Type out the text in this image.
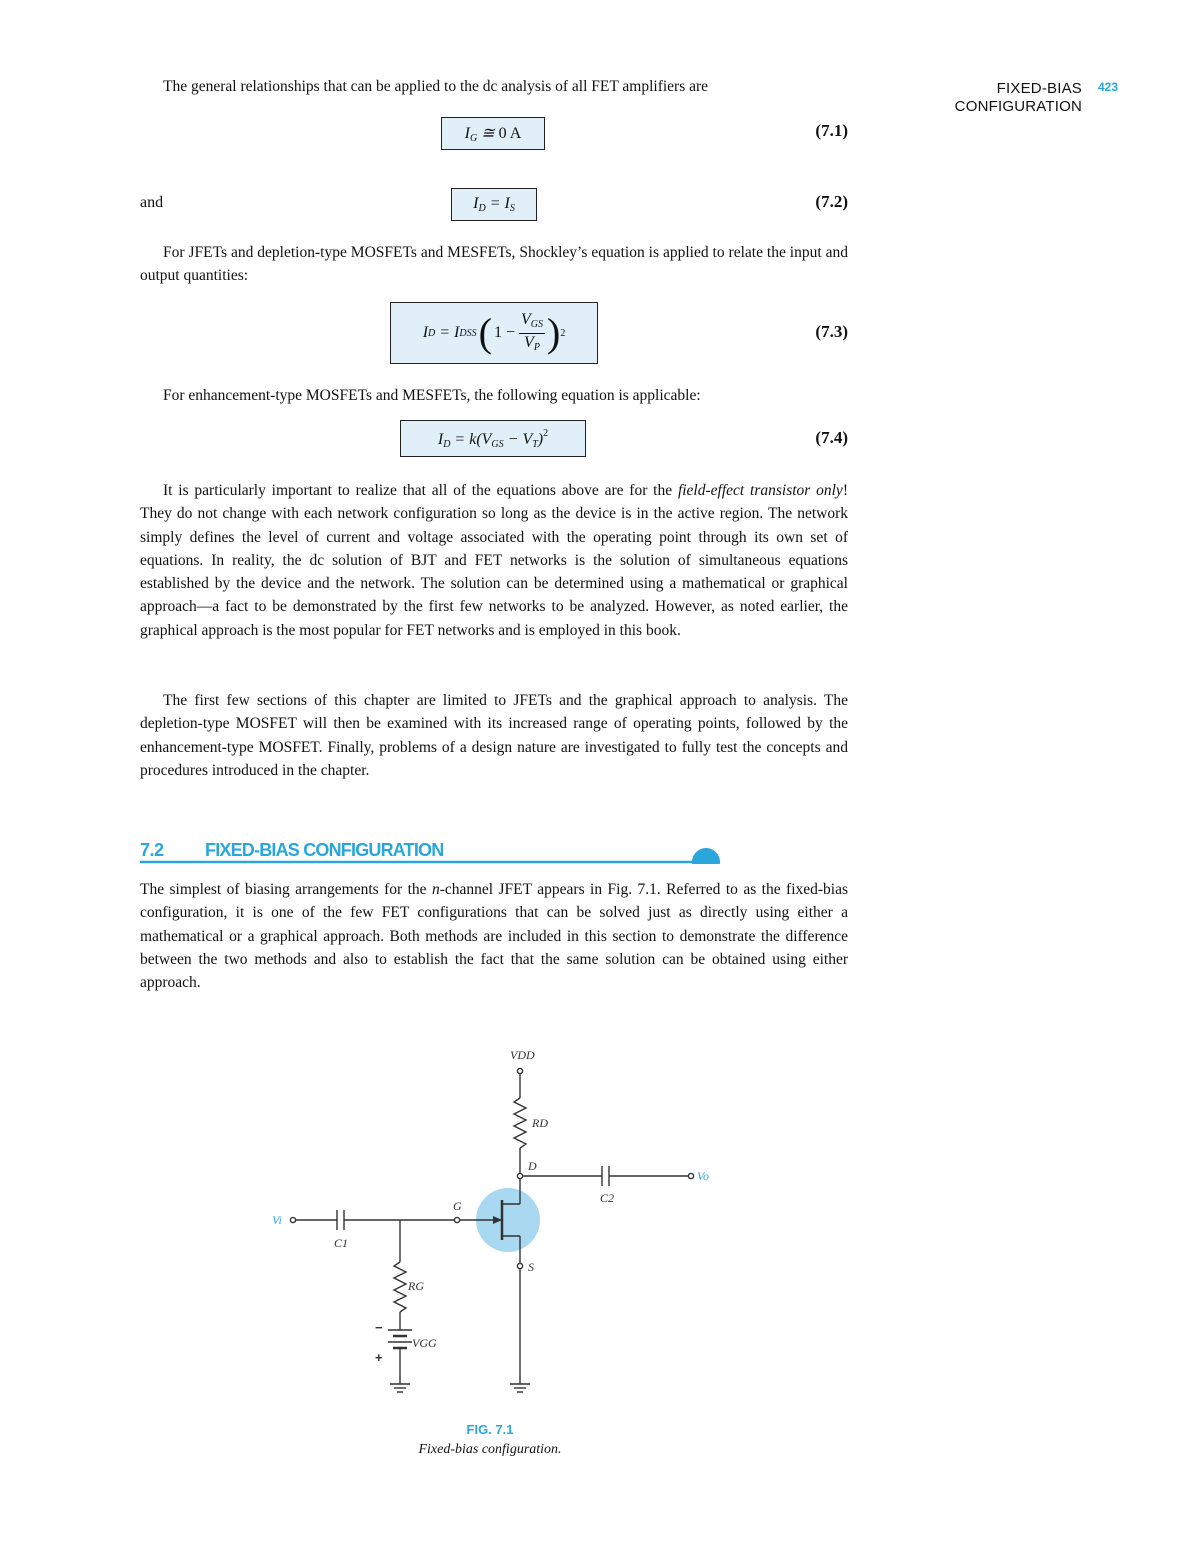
FIXED-BIAS
CONFIGURATION
423
The general relationships that can be applied to the dc analysis of all FET amplifiers are
$I_G$ ≅ 0 A	(7.1)
and	$I_D = I_S$	(7.2)
For JFETs and depletion-type MOSFETs and MESFETs, Shockley’s equation is applied to relate the input and output quantities:
I D = I DSS ( 1 −
$V_{GS}$
$V_P$ ) 2	(7.3)
For enhancement-type MOSFETs and MESFETs, the following equation is applicable:
$I_D = k(V_{GS} - V_T)^2$	(7.4)
It is particularly important to realize that all of the equations above are for the field-effect transistor only! They do not change with each network configuration so long as the device is in the active region. The network simply defines the level of current and voltage associated with the operating point through its own set of equations. In reality, the dc solution of BJT and FET networks is the solution of simultaneous equations established by the device and the network. The solution can be determined using a mathematical or graphical approach—a fact to be demonstrated by the first few networks to be analyzed. However, as noted earlier, the graphical approach is the most popular for FET networks and is employed in this book.
The first few sections of this chapter are limited to JFETs and the graphical approach to analysis. The depletion-type MOSFET will then be examined with its increased range of operating points, followed by the enhancement-type MOSFET. Finally, problems of a design nature are investigated to fully test the concepts and procedures introduced in the chapter.
7.2 FIXED-BIAS CONFIGURATION
The simplest of biasing arrangements for the n-channel JFET appears in Fig. 7.1. Referred to as the fixed-bias configuration, it is one of the few FET configurations that can be solved just as directly using either a mathematical or a graphical approach. Both methods are included in this section to demonstrate the difference between the two methods and also to establish the fact that the same solution can be obtained using either approach.
VDD
RD
D
G
S
C2
C1
RG
VGG
Vi
Vo
−
+
FIG. 7.1
Fixed-bias configuration.
